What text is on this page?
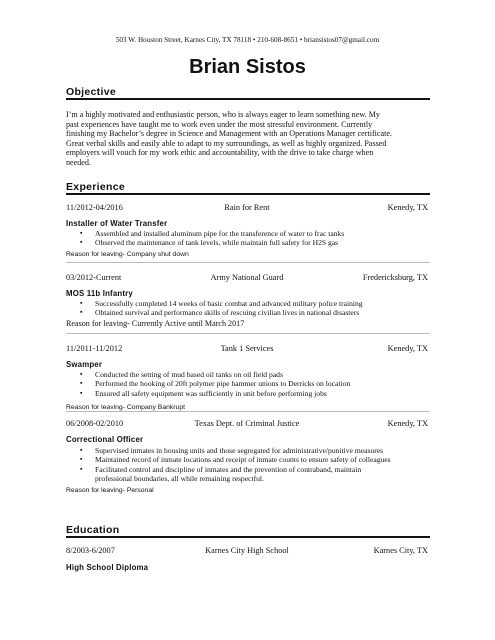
503 W. Houston Street, Karnes City, TX 78118 • 210-608-8651 • briansistos07@gmail.com
Brian Sistos
Objective
I’m a highly motivated and enthusiastic person, who is always eager to learn something new. My
past experiences have taught me to work even under the most stressful environment. Currently
finishing my Bachelor’s degree in Science and Management with an Operations Manager certificate.
Great verbal skills and easily able to adapt to my surroundings, as well as highly organized. Passed
employers will vouch for my work ethic and accountability, with the drive to take charge when
needed.
Experience
11/2012-04/2016	Rain for Rent	Kenedy, TX
Installer of Water Transfer
▪ Assembled and installed aluminum pipe for the transference of water to frac tanks
▪ Observed the maintenance of tank levels, while maintain full safety for H2S gas
Reason for leaving- Company shut down
03/2012-Current	Army National Guard	Fredericksburg, TX
MOS 11b Infantry
▪ Successfully completed 14 weeks of basic combat and advanced military police training
▪ Obtained survival and performance skills of rescuing civilian lives in national disasters
Reason for leaving- Currently Active until March 2017
11/2011-11/2012	Tank 1 Services	Kenedy, TX
Swamper
▪ Conducted the setting of mud based oil tanks on oil field pads
▪ Performed the hooking of 20ft polymer pipe hammer unions to Derricks on location
▪ Ensured all safety equipment was sufficiently in unit before performing jobs
Reason for leaving- Company Bankrupt
06/2008-02/2010	Texas Dept. of Criminal Justice	Kenedy, TX
Correctional Officer
▪ Supervised inmates in housing units and those segregated for administrative/punitive measures
▪ Maintained record of inmate locations and receipt of inmate counts to ensure safety of colleagues
▪ Facilitated control and discipline of inmates and the prevention of contraband, maintain
professional boundaries, all while remaining respectful.
Reason for leaving- Personal
Education
8/2003-6/2007	Karnes City High School	Karnes City, TX
High School Diploma
